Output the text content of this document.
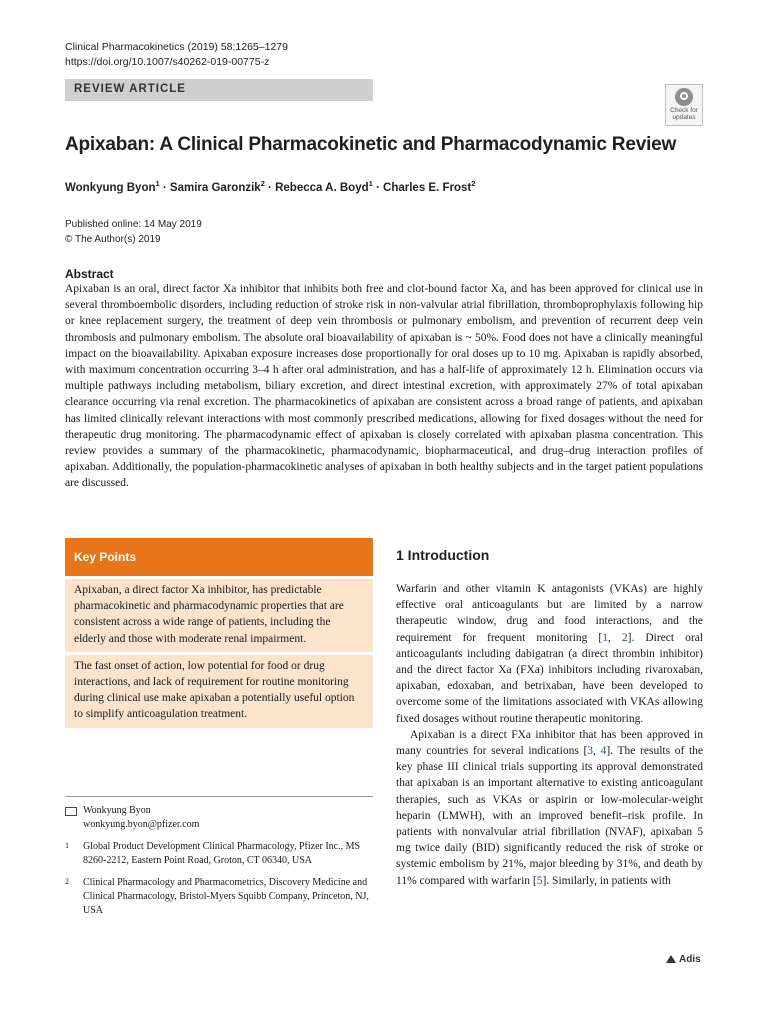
Clinical Pharmacokinetics (2019) 58:1265–1279
https://doi.org/10.1007/s40262-019-00775-z
REVIEW ARTICLE
Check for
updates
Apixaban: A Clinical Pharmacokinetic and Pharmacodynamic Review
Wonkyung Byon$^1$ · Samira Garonzik$^2$ · Rebecca A. Boyd$^1$ · Charles E. Frost$^2$
Published online: 14 May 2019
© The Author(s) 2019
Abstract
Apixaban is an oral, direct factor Xa inhibitor that inhibits both free and clot-bound factor Xa, and has been approved for clinical use in several thromboembolic disorders, including reduction of stroke risk in non-valvular atrial fibrillation, thromboprophylaxis following hip or knee replacement surgery, the treatment of deep vein thrombosis or pulmonary embolism, and prevention of recurrent deep vein thrombosis and pulmonary embolism. The absolute oral bioavailability of apixaban is ~ 50%. Food does not have a clinically meaningful impact on the bioavailability. Apixaban exposure increases dose proportionally for oral doses up to 10 mg. Apixaban is rapidly absorbed, with maximum concentration occurring 3–4 h after oral administration, and has a half-life of approximately 12 h. Elimination occurs via multiple pathways including metabolism, biliary excretion, and direct intestinal excretion, with approximately 27% of total apixaban clearance occurring via renal excretion. The pharmacokinetics of apixaban are consistent across a broad range of patients, and apixaban has limited clinically relevant interactions with most commonly prescribed medications, allowing for fixed dosages without the need for therapeutic drug monitoring. The pharmacodynamic effect of apixaban is closely correlated with apixaban plasma concentration. This review provides a summary of the pharmacokinetic, pharmacodynamic, biopharmaceutical, and drug–drug interaction profiles of apixaban. Additionally, the population-pharmacokinetic analyses of apixaban in both healthy subjects and in the target patient populations are discussed.
Key Points
Apixaban, a direct factor Xa inhibitor, has predictable pharmacokinetic and pharmacodynamic properties that are consistent across a wide range of patients, including the elderly and those with moderate renal impairment.
The fast onset of action, low potential for food or drug interactions, and lack of requirement for routine monitoring during clinical use make apixaban a potentially useful option to simplify anticoagulation treatment.
Wonkyung Byon
wonkyung.byon@pfizer.com
1	Global Product Development Clinical Pharmacology, Pfizer Inc., MS 8260-2212, Eastern Point Road, Groton, CT 06340, USA
2	Clinical Pharmacology and Pharmacometrics, Discovery Medicine and Clinical Pharmacology, Bristol-Myers Squibb Company, Princeton, NJ, USA
1 Introduction

Warfarin and other vitamin K antagonists (VKAs) are highly effective oral anticoagulants but are limited by a narrow therapeutic window, drug and food interactions, and the requirement for frequent monitoring [1, 2]. Direct oral anticoagulants including dabigatran (a direct thrombin inhibitor) and the direct factor Xa (FXa) inhibitors including rivaroxaban, apixaban, edoxaban, and betrixaban, have been developed to overcome some of the limitations associated with VKAs allowing fixed dosages without routine therapeutic monitoring.

Apixaban is a direct FXa inhibitor that has been approved in many countries for several indications [3, 4]. The results of the key phase III clinical trials supporting its approval demonstrated that apixaban is an important alternative to existing anticoagulant therapies, such as VKAs or aspirin or low-molecular-weight heparin (LMWH), with an improved benefit–risk profile. In patients with nonvalvular atrial fibrillation (NVAF), apixaban 5 mg twice daily (BID) significantly reduced the risk of stroke or systemic embolism by 21%, major bleeding by 31%, and death by 11% compared with warfarin [5]. Similarly, in patients with

Adis
